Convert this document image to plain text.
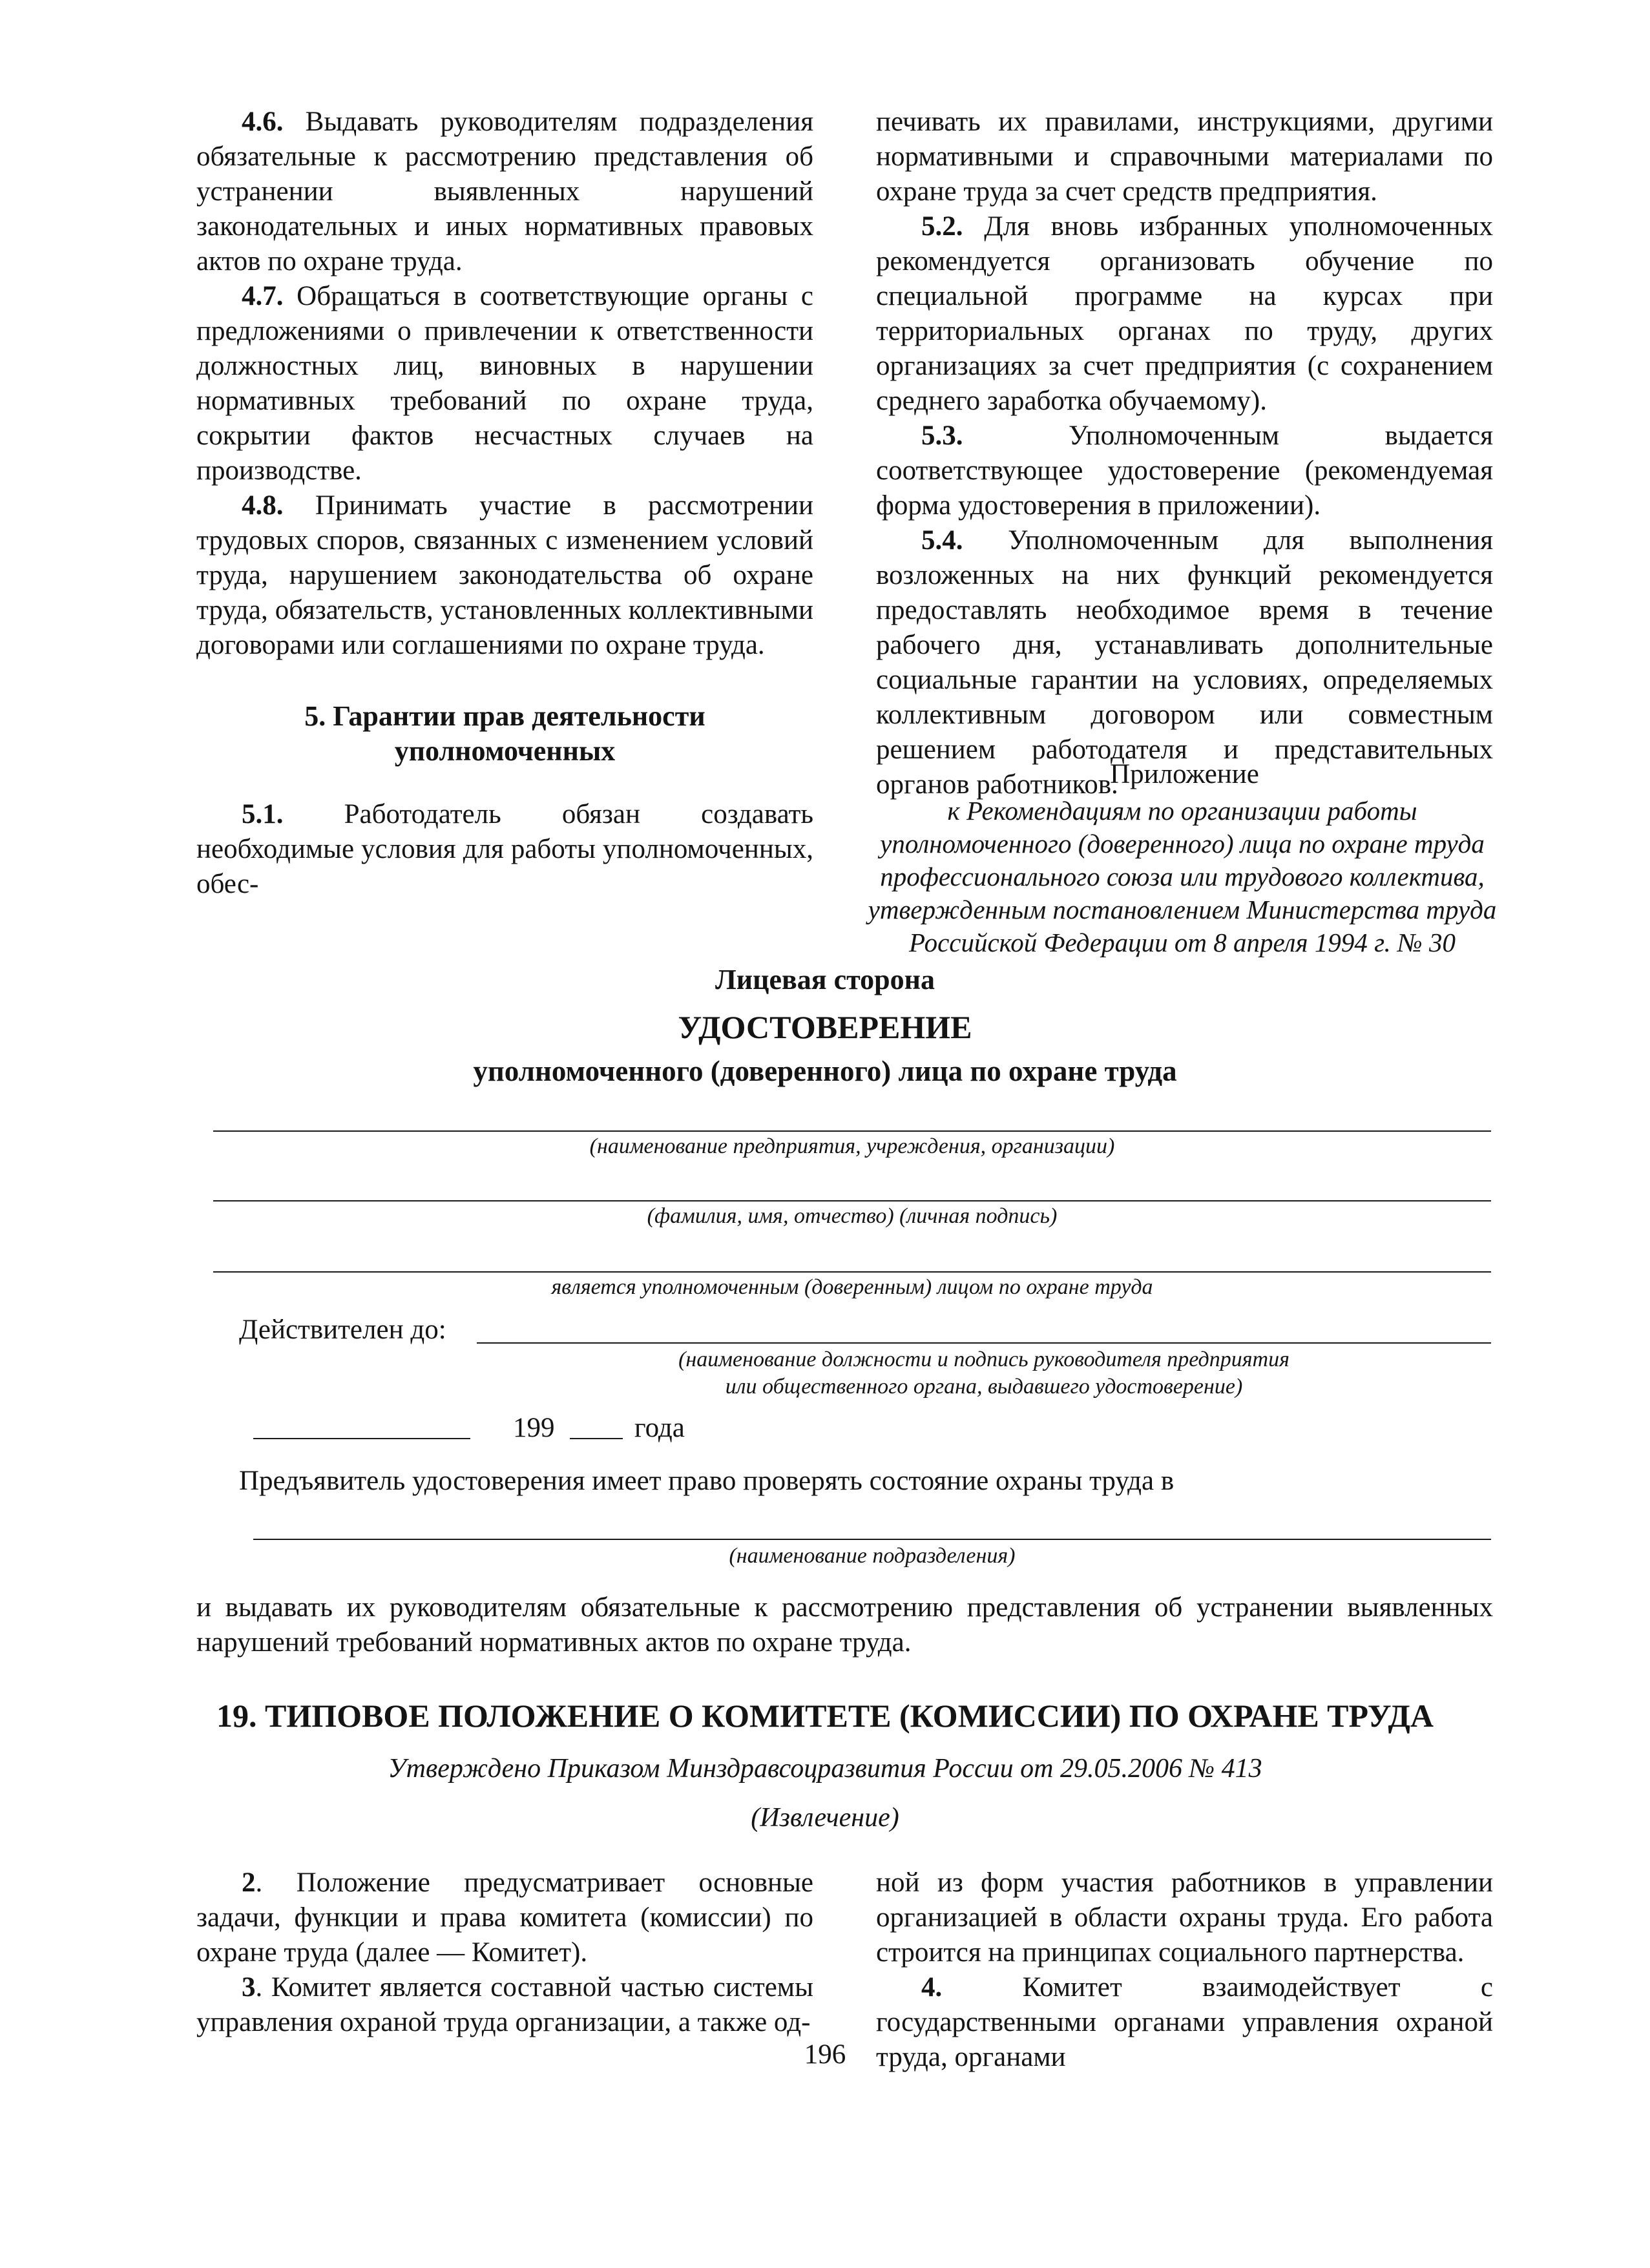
4.6. Выдавать руководителям подразделения обязательные к рассмотрению представления об устранении выявленных нарушений законодательных и иных нормативных правовых актов по охране труда.

4.7. Обращаться в соответствующие органы с предложениями о привлечении к ответственности должностных лиц, виновных в нарушении нормативных требований по охране труда, сокрытии фактов несчастных случаев на производстве.

4.8. Принимать участие в рассмотрении трудовых споров, связанных с изменением условий труда, нарушением законодательства об охране труда, обязательств, установленных коллективными договорами или соглашениями по охране труда.

5. Гарантии прав деятельности
уполномоченных

5.1. Работодатель обязан создавать необходимые условия для работы уполномоченных, обес-

печивать их правилами, инструкциями, другими нормативными и справочными материалами по охране труда за счет средств предприятия.

5.2. Для вновь избранных уполномоченных рекомендуется организовать обучение по специальной программе на курсах при территориальных органах по труду, других организациях за счет предприятия (с сохранением среднего заработка обучаемому).

5.3. Уполномоченным выдается соответствующее удостоверение (рекомендуемая форма удостоверения в приложении).

5.4. Уполномоченным для выполнения возложенных на них функций рекомендуется предоставлять необходимое время в течение рабочего дня, устанавливать дополнительные социальные гарантии на условиях, определяемых коллективным договором или совместным решением работодателя и представительных органов работников.

Приложение
к Рекомендациям по организации работы
уполномоченного (доверенного) лица по охране труда
профессионального союза или трудового коллектива,
утвержденным постановлением Министерства труда
Российской Федерации от 8 апреля 1994 г. № 30
Лицевая сторона
УДОСТОВЕРЕНИЕ
уполномоченного (доверенного) лица по охране труда
(наименование предприятия, учреждения, организации)
(фамилия, имя, отчество) (личная подпись)
является уполномоченным (доверенным) лицом по охране труда
Действителен до:
(наименование должности и подпись руководителя предприятия
или общественного органа, выдавшего удостоверение)
199	года
Предъявитель удостоверения имеет право проверять состояние охраны труда в
(наименование подразделения)
и выдавать их руководителям обязательные к рассмотрению представления об устранении выявленных нарушений требований нормативных актов по охране труда.
19. ТИПОВОЕ ПОЛОЖЕНИЕ О КОМИТЕТЕ (КОМИССИИ) ПО ОХРАНЕ ТРУДА
Утверждено Приказом Минздравсоцразвития России от 29.05.2006 № 413
(Извлечение)

2. Положение предусматривает основные задачи, функции и права комитета (комиссии) по охране труда (далее — Комитет).

3. Комитет является составной частью системы управления охраной труда организации, а также од-

ной из форм участия работников в управлении организацией в области охраны труда. Его работа строится на принципах социального партнерства.

4. Комитет взаимодействует с государственными органами управления охраной труда, органами

196
